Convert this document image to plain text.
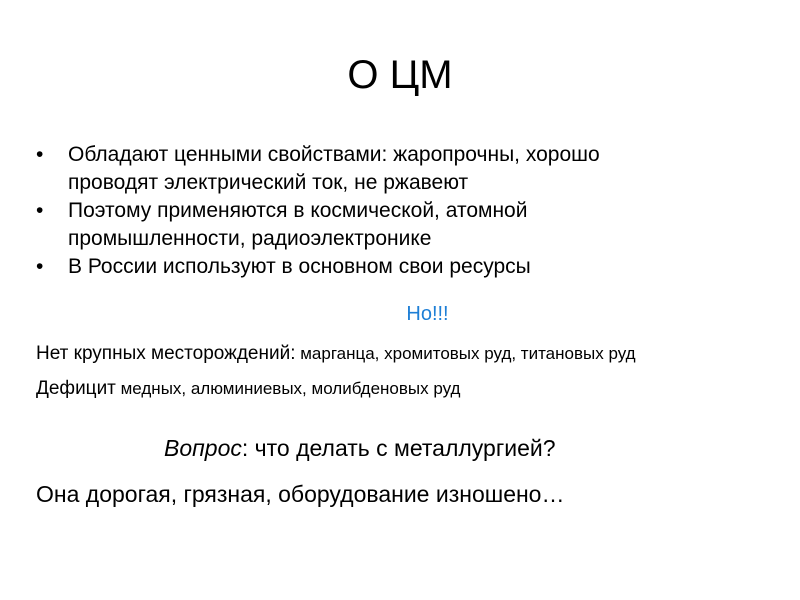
О ЦМ
• Обладают ценными свойствами: жаропрочны, хорошо
проводят электрический ток, не ржавеют
• Поэтому применяются в космической, атомной
промышленности, радиоэлектронике
• В России используют в основном свои ресурсы
Но!!!
Нет крупных месторождений: марганца, хромитовых руд, титановых руд
Дефицит медных, алюминиевых, молибденовых руд
Вопрос: что делать с металлургией?
Она дорогая, грязная, оборудование изношено…
